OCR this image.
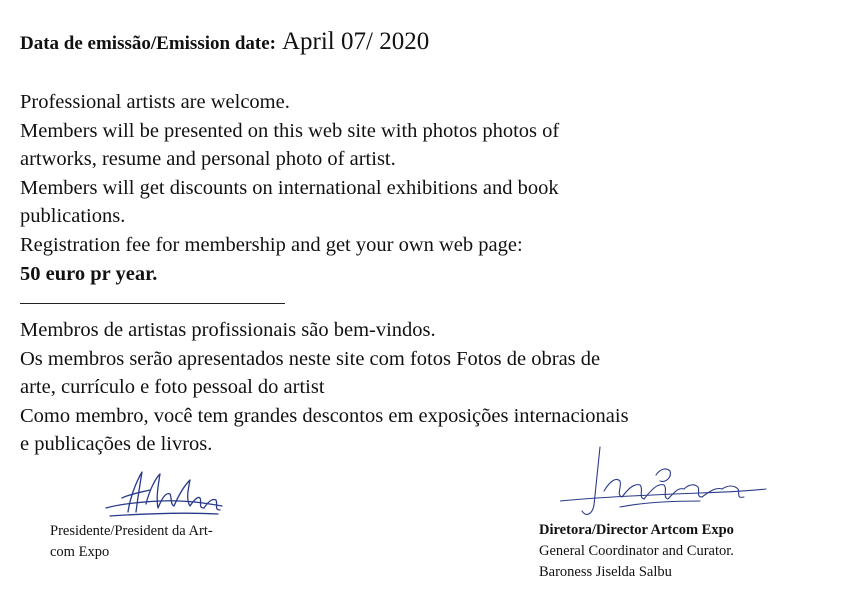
Data de emissão/Emission date: April 07/ 2020
Professional artists are welcome.
Members will be presented on this web site with photos photos of
artworks, resume and personal photo of artist.
Members will get discounts on international exhibitions and book
publications.
Registration fee for membership and get your own web page:
50 euro pr year.
Membros de artistas profissionais são bem-vindos.
Os membros serão apresentados neste site com fotos Fotos de obras de
arte, currículo e foto pessoal do artist
Como membro, você tem grandes descontos em exposições internacionais
e publicações de livros.
Presidente/President da Art-
com Expo
Diretora/Director Artcom Expo
General Coordinator and Curator.
Baroness Jiselda Salbu
